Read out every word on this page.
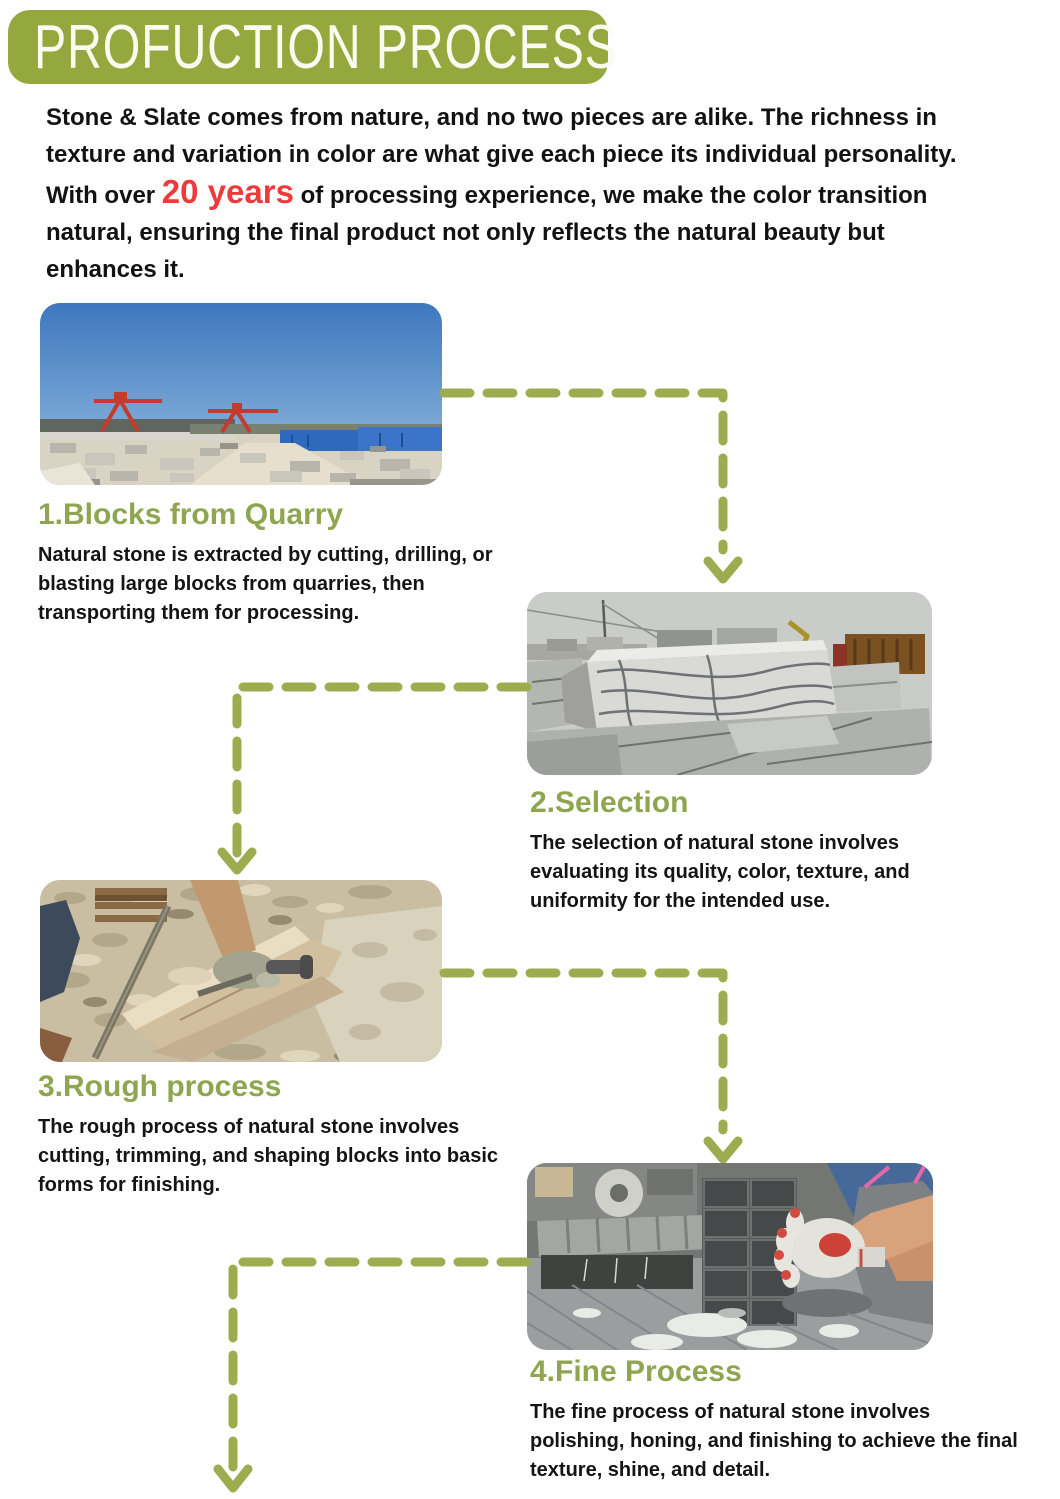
PROFUCTION PROCESS

Stone & Slate comes from nature, and no two pieces are alike. The richness in texture and variation in color are what give each piece its individual personality. With over 20 years of processing experience, we make the color transition natural, ensuring the final product not only reflects the natural beauty but enhances it.

1.Blocks from Quarry

Natural stone is extracted by cutting, drilling, or blasting large blocks from quarries, then transporting them for processing.

2.Selection

The selection of natural stone involves evaluating its quality, color, texture, and uniformity for the intended use.

3.Rough process

The rough process of natural stone involves cutting, trimming, and shaping blocks into basic forms for finishing.

4.Fine Process

The fine process of natural stone involves polishing, honing, and finishing to achieve the final texture, shine, and detail.
